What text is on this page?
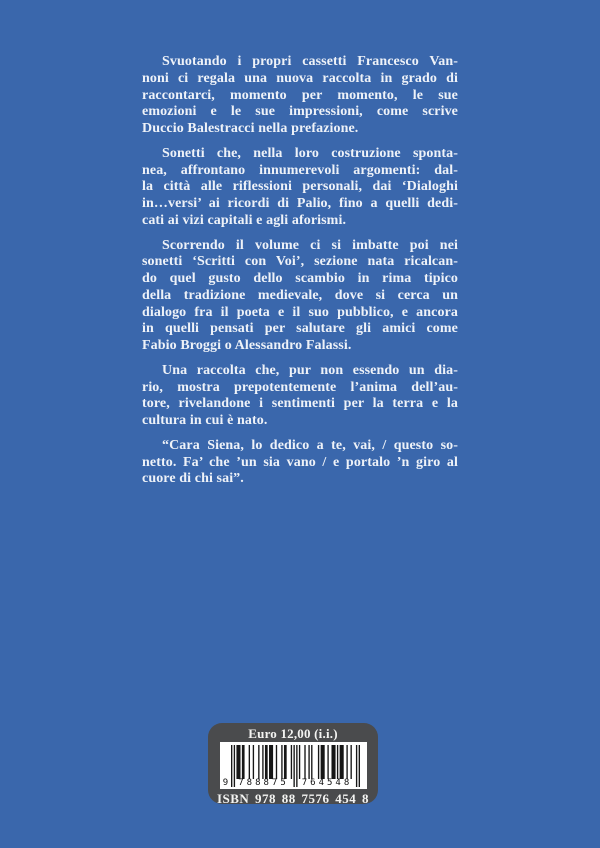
Svuotando i propri cassetti Francesco Van-
noni ci regala una nuova raccolta in grado di
raccontarci, momento per momento, le sue
emozioni e le sue impressioni, come scrive
Duccio Balestracci nella prefazione.

Sonetti che, nella loro costruzione sponta-
nea, affrontano innumerevoli argomenti: dal-
la città alle riflessioni personali, dai ‘Dialoghi
in…versi’ ai ricordi di Palio, fino a quelli dedi-
cati ai vizi capitali e agli aforismi.

Scorrendo il volume ci si imbatte poi nei
sonetti ‘Scritti con Voi’, sezione nata ricalcan-
do quel gusto dello scambio in rima tipico
della tradizione medievale, dove si cerca un
dialogo fra il poeta e il suo pubblico, e ancora
in quelli pensati per salutare gli amici come
Fabio Broggi o Alessandro Falassi.

Una raccolta che, pur non essendo un dia-
rio, mostra prepotentemente l’anima dell’au-
tore, rivelandone i sentimenti per la terra e la
cultura in cui è nato.

“Cara Siena, lo dedico a te, vai, / questo so-
netto. Fa’ che ’un sia vano / e portalo ’n giro al
cuore di chi sai”.

Euro 12,00 (i.i.)
9 788875 764548
ISBN 978 88 7576 454 8
